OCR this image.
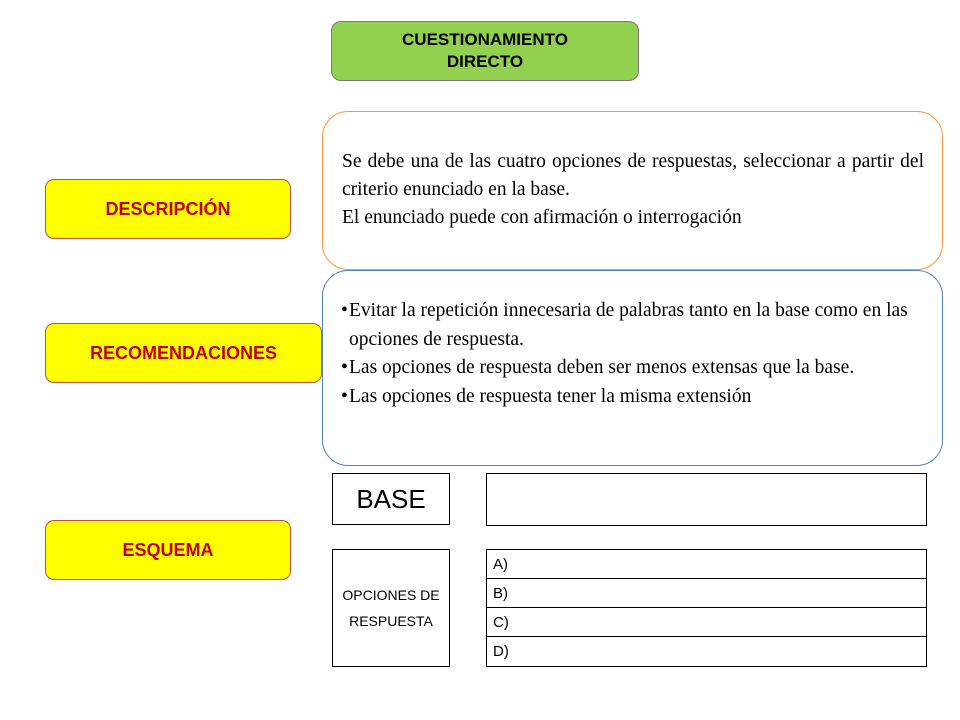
CUESTIONAMIENTO DIRECTO
DESCRIPCIÓN
RECOMENDACIONES
ESQUEMA

Se debe una de las cuatro opciones de respuestas, seleccionar a partir del criterio enunciado en la base.

El enunciado puede con afirmación o interrogación

• Evitar la repetición innecesaria de palabras tanto en la base como en las opciones de respuesta.
• Las opciones de respuesta deben ser menos extensas que la base.
• Las opciones de respuesta tener la misma extensión
BASE
OPCIONES DE RESPUESTA
A)
B)
C)
D)
